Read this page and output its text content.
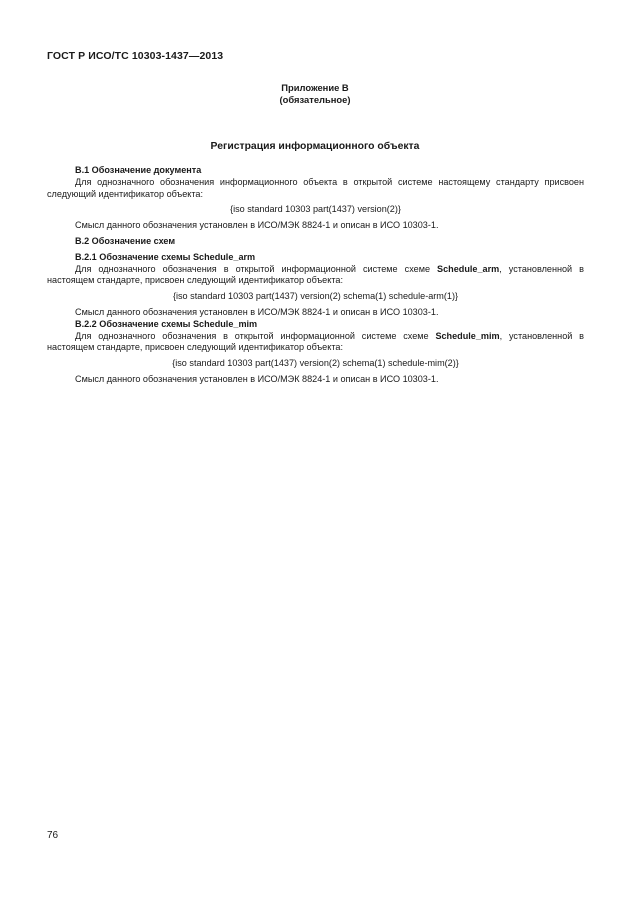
ГОСТ Р ИСО/ТС 10303-1437—2013
Приложение В
(обязательное)
Регистрация информационного объекта
В.1 Обозначение документа
Для однозначного обозначения информационного объекта в открытой системе настоящему стандарту присвоен следующий идентификатор объекта:
{iso standard 10303 part(1437) version(2)}
Смысл данного обозначения установлен в ИСО/МЭК 8824-1 и описан в ИСО 10303-1.
В.2 Обозначение схем
В.2.1 Обозначение схемы Schedule_arm
Для однозначного обозначения в открытой информационной системе схеме Schedule_arm, установленной в настоящем стандарте, присвоен следующий идентификатор объекта:
{iso standard 10303 part(1437) version(2) schema(1) schedule-arm(1)}
Смысл данного обозначения установлен в ИСО/МЭК 8824-1 и описан в ИСО 10303-1.
В.2.2 Обозначение схемы Schedule_mim
Для однозначного обозначения в открытой информационной системе схеме Schedule_mim, установленной в настоящем стандарте, присвоен следующий идентификатор объекта:
{iso standard 10303 part(1437) version(2) schema(1) schedule-mim(2)}
Смысл данного обозначения установлен в ИСО/МЭК 8824-1 и описан в ИСО 10303-1.
76
